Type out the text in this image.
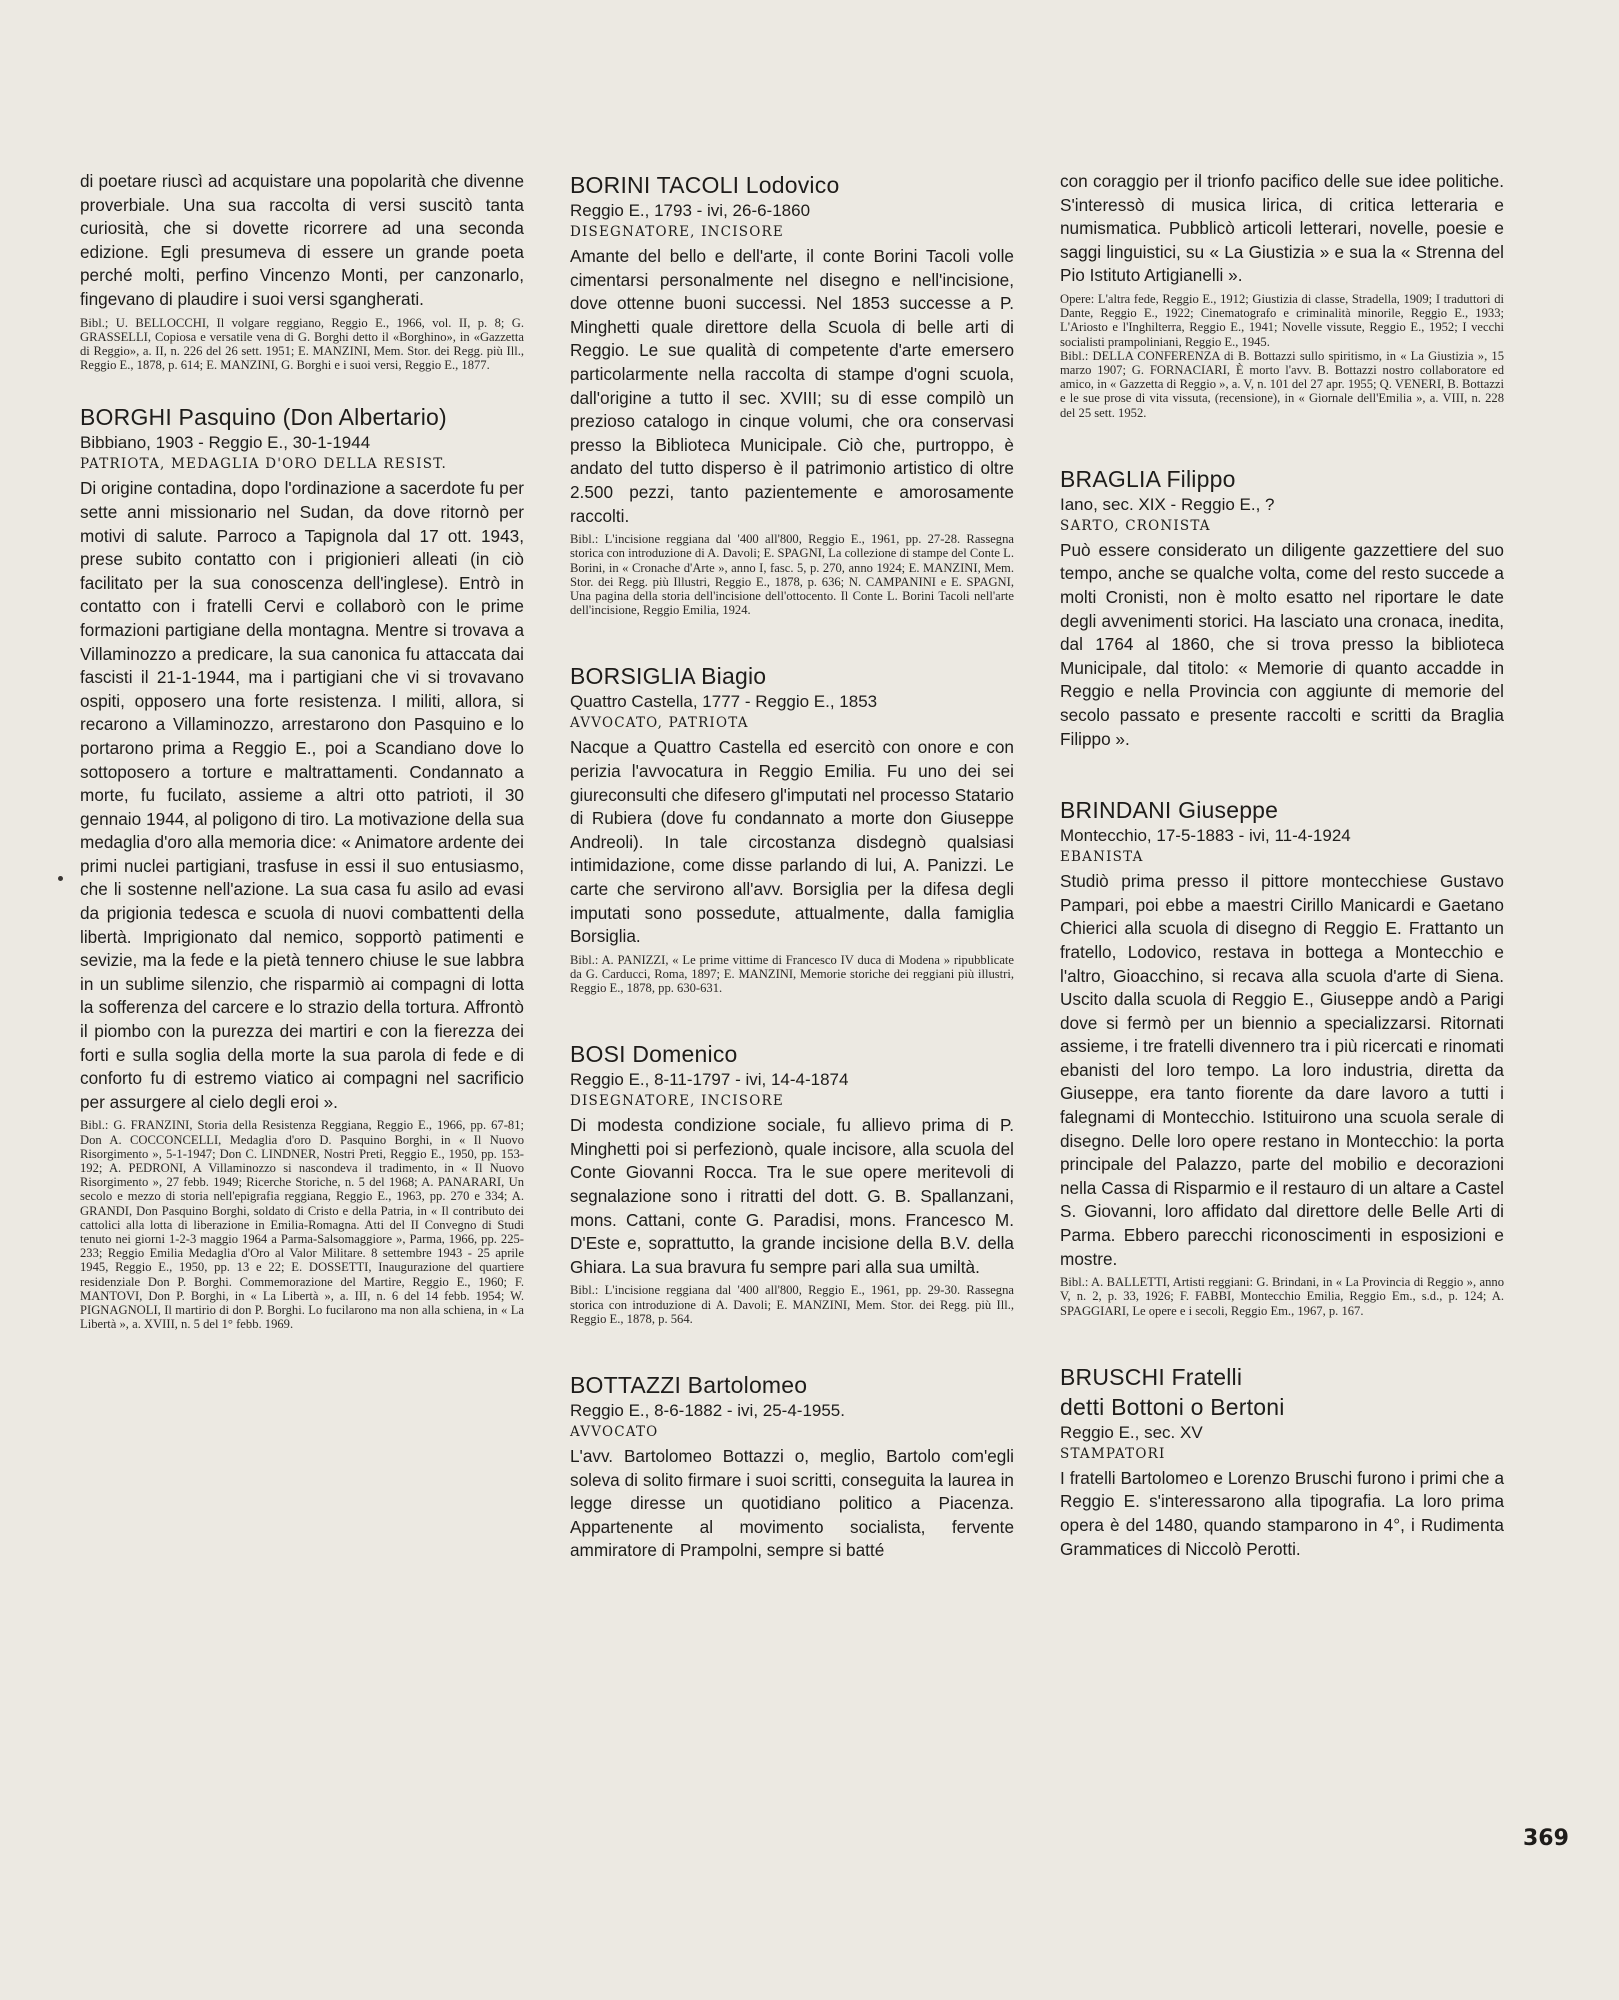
di poetare riuscì ad acquistare una popolarità che divenne proverbiale. Una sua raccolta di versi suscitò tanta curiosità, che si dovette ricorrere ad una seconda edizione. Egli presumeva di essere un grande poeta perché molti, perfino Vincenzo Monti, per canzonarlo, fingevano di plaudire i suoi versi sgangherati.

Bibl.; U. BELLOCCHI, Il volgare reggiano, Reggio E., 1966, vol. II, p. 8; G. GRASSELLI, Copiosa e versatile vena di G. Borghi detto il «Borghino», in «Gazzetta di Reggio», a. II, n. 226 del 26 sett. 1951; E. MANZINI, Mem. Stor. dei Regg. più Ill., Reggio E., 1878, p. 614; E. MANZINI, G. Borghi e i suoi versi, Reggio E., 1877.

BORGHI Pasquino (Don Albertario)

Bibbiano, 1903 - Reggio E., 30-1-1944

PATRIOTA, MEDAGLIA D'ORO DELLA RESIST.

Di origine contadina, dopo l'ordinazione a sacerdote fu per sette anni missionario nel Sudan, da dove ritornò per motivi di salute. Parroco a Tapignola dal 17 ott. 1943, prese subito contatto con i prigionieri alleati (in ciò facilitato per la sua conoscenza dell'inglese). Entrò in contatto con i fratelli Cervi e collaborò con le prime formazioni partigiane della montagna. Mentre si trovava a Villaminozzo a predicare, la sua canonica fu attaccata dai fascisti il 21-1-1944, ma i partigiani che vi si trovavano ospiti, opposero una forte resistenza. I militi, allora, si recarono a Villaminozzo, arrestarono don Pasquino e lo portarono prima a Reggio E., poi a Scandiano dove lo sottoposero a torture e maltrattamenti. Condannato a morte, fu fucilato, assieme a altri otto patrioti, il 30 gennaio 1944, al poligono di tiro. La motivazione della sua medaglia d'oro alla memoria dice: « Animatore ardente dei primi nuclei partigiani, trasfuse in essi il suo entusiasmo, che li sostenne nell'azione. La sua casa fu asilo ad evasi da prigionia tedesca e scuola di nuovi combattenti della libertà. Imprigionato dal nemico, sopportò patimenti e sevizie, ma la fede e la pietà tennero chiuse le sue labbra in un sublime silenzio, che risparmiò ai compagni di lotta la sofferenza del carcere e lo strazio della tortura. Affrontò il piombo con la purezza dei martiri e con la fierezza dei forti e sulla soglia della morte la sua parola di fede e di conforto fu di estremo viatico ai compagni nel sacrificio per assurgere al cielo degli eroi ».

Bibl.: G. FRANZINI, Storia della Resistenza Reggiana, Reggio E., 1966, pp. 67-81; Don A. COCCONCELLI, Medaglia d'oro D. Pasquino Borghi, in « Il Nuovo Risorgimento », 5-1-1947; Don C. LINDNER, Nostri Preti, Reggio E., 1950, pp. 153-192; A. PEDRONI, A Villaminozzo si nascondeva il tradimento, in « Il Nuovo Risorgimento », 27 febb. 1949; Ricerche Storiche, n. 5 del 1968; A. PANARARI, Un secolo e mezzo di storia nell'epigrafia reggiana, Reggio E., 1963, pp. 270 e 334; A. GRANDI, Don Pasquino Borghi, soldato di Cristo e della Patria, in « Il contributo dei cattolici alla lotta di liberazione in Emilia-Romagna. Atti del II Convegno di Studi tenuto nei giorni 1-2-3 maggio 1964 a Parma-Salsomaggiore », Parma, 1966, pp. 225-233; Reggio Emilia Medaglia d'Oro al Valor Militare. 8 settembre 1943 - 25 aprile 1945, Reggio E., 1950, pp. 13 e 22; E. DOSSETTI, Inaugurazione del quartiere residenziale Don P. Borghi. Commemorazione del Martire, Reggio E., 1960; F. MANTOVI, Don P. Borghi, in « La Libertà », a. III, n. 6 del 14 febb. 1954; W. PIGNAGNOLI, Il martirio di don P. Borghi. Lo fucilarono ma non alla schiena, in « La Libertà », a. XVIII, n. 5 del 1° febb. 1969.

BORINI TACOLI Lodovico

Reggio E., 1793 - ivi, 26-6-1860

DISEGNATORE, INCISORE

Amante del bello e dell'arte, il conte Borini Tacoli volle cimentarsi personalmente nel disegno e nell'incisione, dove ottenne buoni successi. Nel 1853 successe a P. Minghetti quale direttore della Scuola di belle arti di Reggio. Le sue qualità di competente d'arte emersero particolarmente nella raccolta di stampe d'ogni scuola, dall'origine a tutto il sec. XVIII; su di esse compilò un prezioso catalogo in cinque volumi, che ora conservasi presso la Biblioteca Municipale. Ciò che, purtroppo, è andato del tutto disperso è il patrimonio artistico di oltre 2.500 pezzi, tanto pazientemente e amorosamente raccolti.

Bibl.: L'incisione reggiana dal '400 all'800, Reggio E., 1961, pp. 27-28. Rassegna storica con introduzione di A. Davoli; E. SPAGNI, La collezione di stampe del Conte L. Borini, in « Cronache d'Arte », anno I, fasc. 5, p. 270, anno 1924; E. MANZINI, Mem. Stor. dei Regg. più Illustri, Reggio E., 1878, p. 636; N. CAMPANINI e E. SPAGNI, Una pagina della storia dell'incisione dell'ottocento. Il Conte L. Borini Tacoli nell'arte dell'incisione, Reggio Emilia, 1924.

BORSIGLIA Biagio

Quattro Castella, 1777 - Reggio E., 1853

AVVOCATO, PATRIOTA

Nacque a Quattro Castella ed esercitò con onore e con perizia l'avvocatura in Reggio Emilia. Fu uno dei sei giureconsulti che difesero gl'imputati nel processo Statario di Rubiera (dove fu condannato a morte don Giuseppe Andreoli). In tale circostanza disdegnò qualsiasi intimidazione, come disse parlando di lui, A. Panizzi. Le carte che servirono all'avv. Borsiglia per la difesa degli imputati sono possedute, attualmente, dalla famiglia Borsiglia.

Bibl.: A. PANIZZI, « Le prime vittime di Francesco IV duca di Modena » ripubblicate da G. Carducci, Roma, 1897; E. MANZINI, Memorie storiche dei reggiani più illustri, Reggio E., 1878, pp. 630-631.

BOSI Domenico

Reggio E., 8-11-1797 - ivi, 14-4-1874

DISEGNATORE, INCISORE

Di modesta condizione sociale, fu allievo prima di P. Minghetti poi si perfezionò, quale incisore, alla scuola del Conte Giovanni Rocca. Tra le sue opere meritevoli di segnalazione sono i ritratti del dott. G. B. Spallanzani, mons. Cattani, conte G. Paradisi, mons. Francesco M. D'Este e, soprattutto, la grande incisione della B.V. della Ghiara. La sua bravura fu sempre pari alla sua umiltà.

Bibl.: L'incisione reggiana dal '400 all'800, Reggio E., 1961, pp. 29-30. Rassegna storica con introduzione di A. Davoli; E. MANZINI, Mem. Stor. dei Regg. più Ill., Reggio E., 1878, p. 564.

BOTTAZZI Bartolomeo

Reggio E., 8-6-1882 - ivi, 25-4-1955.

AVVOCATO

L'avv. Bartolomeo Bottazzi o, meglio, Bartolo com'egli soleva di solito firmare i suoi scritti, conseguita la laurea in legge diresse un quotidiano politico a Piacenza. Appartenente al movimento socialista, fervente ammiratore di Prampolni, sempre si batté

con coraggio per il trionfo pacifico delle sue idee politiche. S'interessò di musica lirica, di critica letteraria e numismatica. Pubblicò articoli letterari, novelle, poesie e saggi linguistici, su « La Giustizia » e sua la « Strenna del Pio Istituto Artigianelli ».

Opere: L'altra fede, Reggio E., 1912; Giustizia di classe, Stradella, 1909; I traduttori di Dante, Reggio E., 1922; Cinematografo e criminalità minorile, Reggio E., 1933; L'Ariosto e l'Inghilterra, Reggio E., 1941; Novelle vissute, Reggio E., 1952; I vecchi socialisti prampoliniani, Reggio E., 1945.

Bibl.: DELLA CONFERENZA di B. Bottazzi sullo spiritismo, in « La Giustizia », 15 marzo 1907; G. FORNACIARI, È morto l'avv. B. Bottazzi nostro collaboratore ed amico, in « Gazzetta di Reggio », a. V, n. 101 del 27 apr. 1955; Q. VENERI, B. Bottazzi e le sue prose di vita vissuta, (recensione), in « Giornale dell'Emilia », a. VIII, n. 228 del 25 sett. 1952.

BRAGLIA Filippo

Iano, sec. XIX - Reggio E., ?

SARTO, CRONISTA

Può essere considerato un diligente gazzettiere del suo tempo, anche se qualche volta, come del resto succede a molti Cronisti, non è molto esatto nel riportare le date degli avvenimenti storici. Ha lasciato una cronaca, inedita, dal 1764 al 1860, che si trova presso la biblioteca Municipale, dal titolo: « Memorie di quanto accadde in Reggio e nella Provincia con aggiunte di memorie del secolo passato e presente raccolti e scritti da Braglia Filippo ».

BRINDANI Giuseppe

Montecchio, 17-5-1883 - ivi, 11-4-1924

EBANISTA

Studiò prima presso il pittore montecchiese Gustavo Pampari, poi ebbe a maestri Cirillo Manicardi e Gaetano Chierici alla scuola di disegno di Reggio E. Frattanto un fratello, Lodovico, restava in bottega a Montecchio e l'altro, Gioacchino, si recava alla scuola d'arte di Siena. Uscito dalla scuola di Reggio E., Giuseppe andò a Parigi dove si fermò per un biennio a specializzarsi. Ritornati assieme, i tre fratelli divennero tra i più ricercati e rinomati ebanisti del loro tempo. La loro industria, diretta da Giuseppe, era tanto fiorente da dare lavoro a tutti i falegnami di Montecchio. Istituirono una scuola serale di disegno. Delle loro opere restano in Montecchio: la porta principale del Palazzo, parte del mobilio e decorazioni nella Cassa di Risparmio e il restauro di un altare a Castel S. Giovanni, loro affidato dal direttore delle Belle Arti di Parma. Ebbero parecchi riconoscimenti in esposizioni e mostre.

Bibl.: A. BALLETTI, Artisti reggiani: G. Brindani, in « La Provincia di Reggio », anno V, n. 2, p. 33, 1926; F. FABBI, Montecchio Emilia, Reggio Em., s.d., p. 124; A. SPAGGIARI, Le opere e i secoli, Reggio Em., 1967, p. 167.

BRUSCHI Fratelli
detti Bottoni o Bertoni

Reggio E., sec. XV

STAMPATORI

I fratelli Bartolomeo e Lorenzo Bruschi furono i primi che a Reggio E. s'interessarono alla tipografia. La loro prima opera è del 1480, quando stamparono in 4°, i Rudimenta Grammatices di Niccolò Perotti.

369
